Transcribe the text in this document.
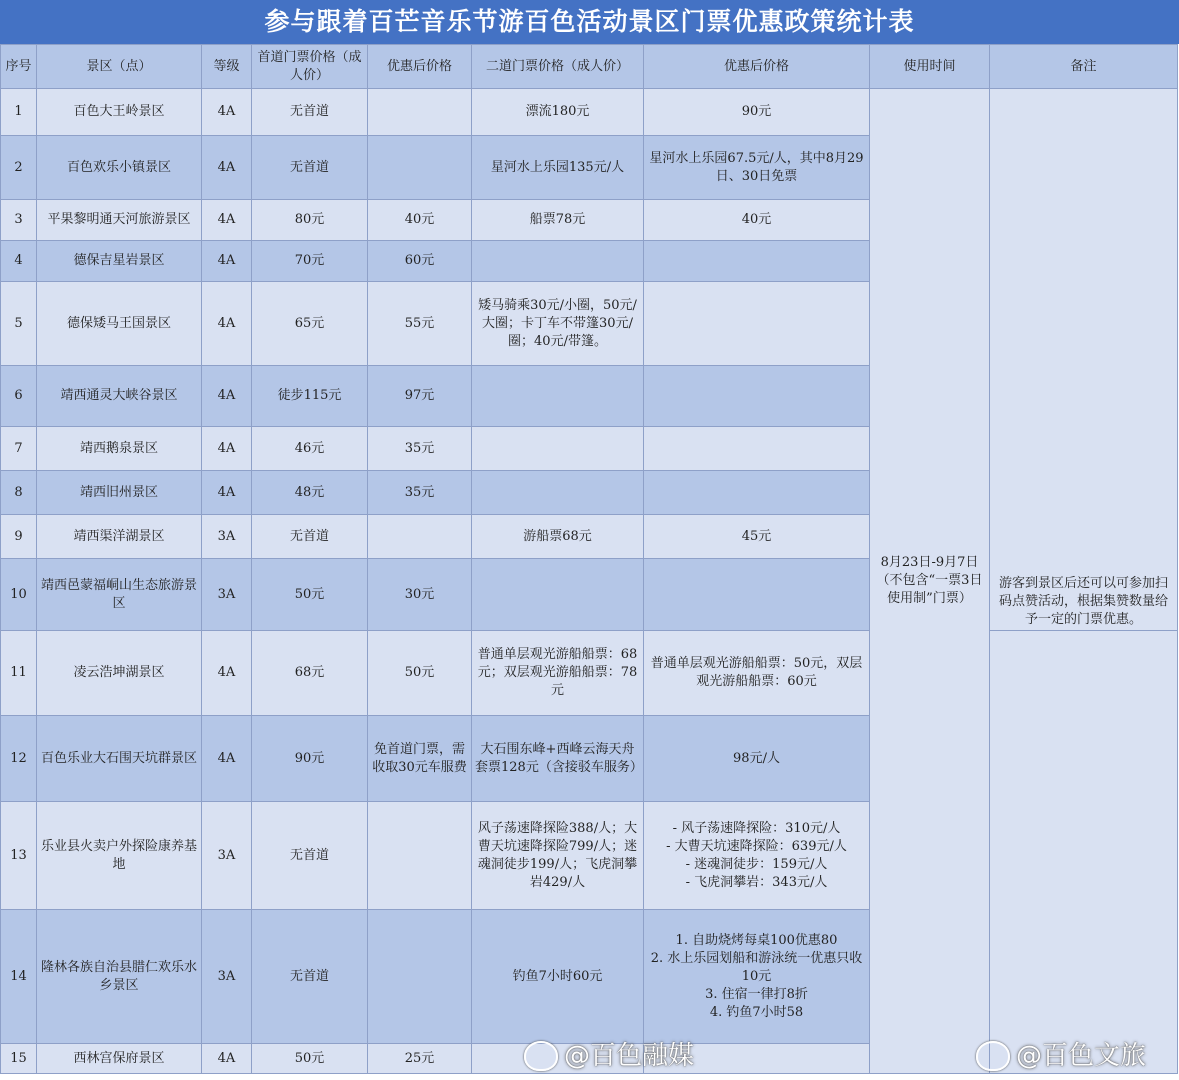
参与跟着百芒音乐节游百色活动景区门票优惠政策统计表
序号	景区（点）	等级	首道门票价格（成人价）	优惠后价格	二道门票价格（成人价）	优惠后价格	使用时间	备注
1	百色大王岭景区	4A	无首道		漂流180元	90元	8月23日-9月7日（不包含“一票3日使用制”门票）	游客到景区后还可以可参加扫码点赞活动，根据集赞数量给予一定的门票优惠。
2	百色欢乐小镇景区	4A	无首道		星河水上乐园135元/人	星河水上乐园67.5元/人，其中8月29日、30日免票		
3	平果黎明通天河旅游景区	4A	80元	40元	船票78元	40元		
4	德保吉星岩景区	4A	70元	60元				
5	德保矮马王国景区	4A	65元	55元	矮马骑乘30元/小圈，50元/大圈；卡丁车不带篷30元/圈；40元/带篷。			
6	靖西通灵大峡谷景区	4A	徒步115元	97元				
7	靖西鹅泉景区	4A	46元	35元				
8	靖西旧州景区	4A	48元	35元				
9	靖西渠洋湖景区	3A	无首道		游船票68元	45元		
10	靖西邑蒙福峒山生态旅游景区	3A	50元	30元				
11	凌云浩坤湖景区	4A	68元	50元	普通单层观光游船船票：68元；双层观光游船船票：78元	普通单层观光游船船票：50元，双层观光游船船票：60元		
12	百色乐业大石围天坑群景区	4A	90元	免首道门票，需收取30元车服费	大石围东峰+西峰云海天舟套票128元（含接驳车服务）	98元/人		
13	乐业县火卖户外探险康养基地	3A	无首道		风子荡速降探险388/人；大曹天坑速降探险799/人；迷魂洞徒步199/人；飞虎洞攀岩429/人	- 风子荡速降探险：310元/人
- 大曹天坑速降探险：639元/人
- 迷魂洞徒步：159元/人
- 飞虎洞攀岩：343元/人		
14	隆林各族自治县腊仁欢乐水乡景区	3A	无首道		钓鱼7小时60元	1. 自助烧烤每桌100优惠80
2. 水上乐园划船和游泳统一优惠只收10元
3. 住宿一律打8折
4. 钓鱼7小时58		
15	西林宫保府景区	4A	50元	25元					@百色融媒	@百色文旅
